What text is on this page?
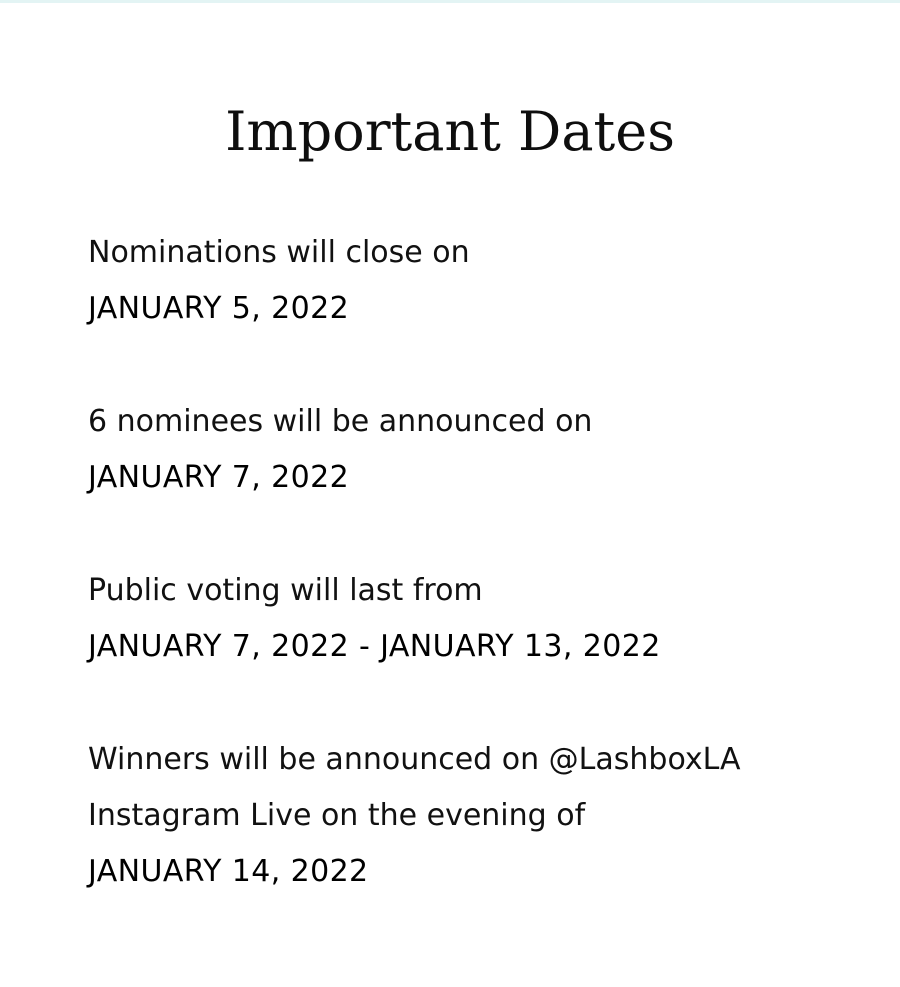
Important Dates
Nominations will close on
JANUARY 5, 2022
6 nominees will be announced on
JANUARY 7, 2022
Public voting will last from
JANUARY 7, 2022 - JANUARY 13, 2022
Winners will be announced on @LashboxLA
Instagram Live on the evening of
JANUARY 14, 2022
